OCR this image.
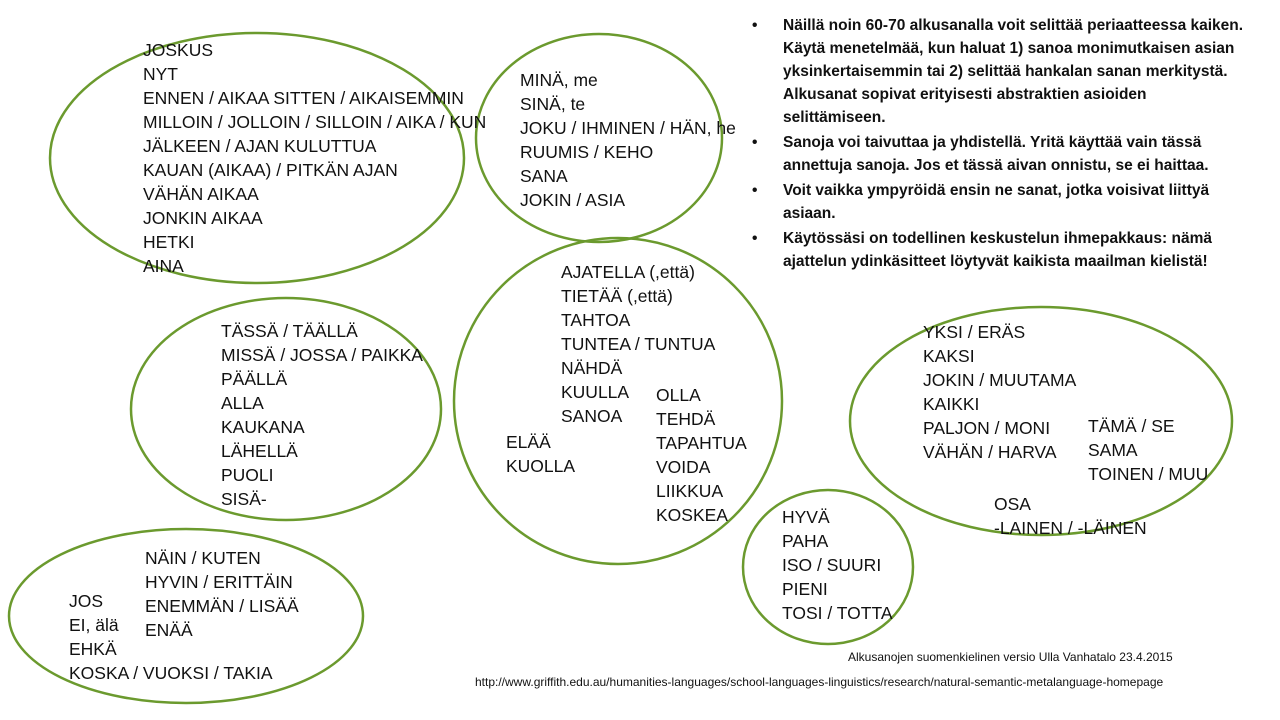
JOSKUS
NYT
ENNEN / AIKAA SITTEN / AIKAISEMMIN
MILLOIN / JOLLOIN / SILLOIN / AIKA / KUN
JÄLKEEN / AJAN KULUTTUA
KAUAN (AIKAA) / PITKÄN AJAN
VÄHÄN AIKAA
JONKIN AIKAA
HETKI
AINA
MINÄ, me
SINÄ, te
JOKU / IHMINEN / HÄN, he
RUUMIS / KEHO
SANA
JOKIN / ASIA
TÄSSÄ / TÄÄLLÄ
MISSÄ / JOSSA / PAIKKA
PÄÄLLÄ
ALLA
KAUKANA
LÄHELLÄ
PUOLI
SISÄ-
AJATELLA (,että)
TIETÄÄ (,että)
TAHTOA
TUNTEA / TUNTUA
NÄHDÄ
KUULLA
SANOA
OLLA
TEHDÄ
TAPAHTUA
VOIDA
LIIKKUA
KOSKEA
ELÄÄ
KUOLLA
YKSI / ERÄS
KAKSI
JOKIN / MUUTAMA
KAIKKI
PALJON / MONI
VÄHÄN / HARVA
TÄMÄ / SE
SAMA
TOINEN / MUU
OSA
-LAINEN / -LÄINEN
HYVÄ
PAHA
ISO / SUURI
PIENI
TOSI / TOTTA
NÄIN / KUTEN
HYVIN / ERITTÄIN
ENEMMÄN / LISÄÄ
ENÄÄ
JOS
EI, älä
EHKÄ
KOSKA / VUOKSI / TAKIA
• Näillä noin 60-70 alkusanalla voit selittää periaatteessa kaiken. Käytä menetelmää, kun haluat 1) sanoa monimutkaisen asian yksinkertaisemmin tai 2) selittää hankalan sanan merkitystä. Alkusanat sopivat erityisesti abstraktien asioiden selittämiseen.
• Sanoja voi taivuttaa ja yhdistellä. Yritä käyttää vain tässä annettuja sanoja. Jos et tässä aivan onnistu, se ei haittaa.
• Voit vaikka ympyröidä ensin ne sanat, jotka voisivat liittyä asiaan.
• Käytössäsi on todellinen keskustelun ihmepakkaus: nämä ajattelun ydinkäsitteet löytyvät kaikista maailman kielistä!
Alkusanojen suomenkielinen versio Ulla Vanhatalo 23.4.2015
http://www.griffith.edu.au/humanities-languages/school-languages-linguistics/research/natural-semantic-metalanguage-homepage
